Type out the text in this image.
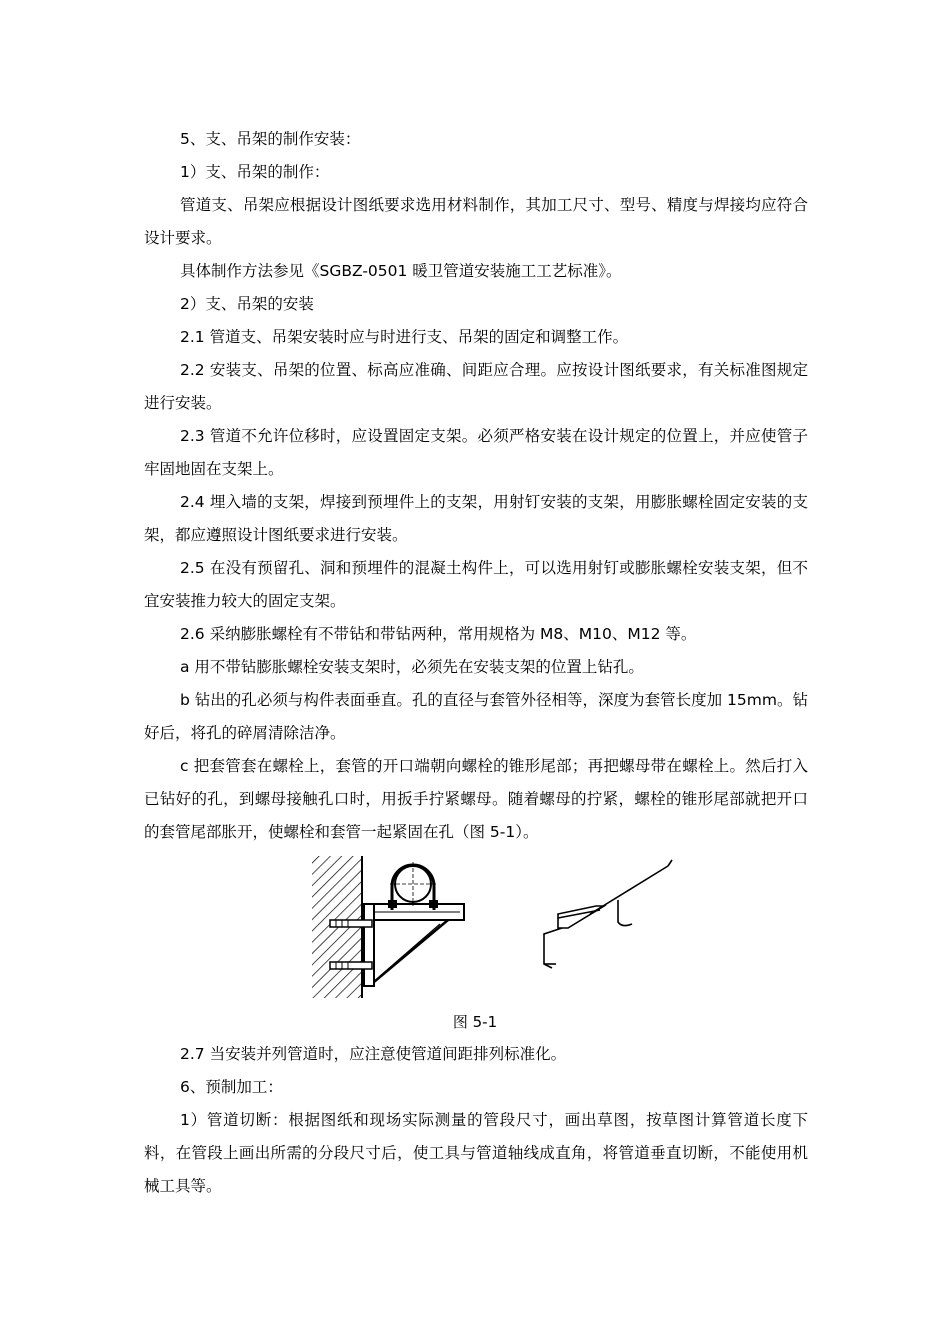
5、支、吊架的制作安装：

1）支、吊架的制作：

管道支、吊架应根据设计图纸要求选用材料制作，其加工尺寸、型号、精度与焊接均应符合设计要求。

具体制作方法参见《SGBZ-0501 暖卫管道安装施工工艺标准》。

2）支、吊架的安装

2.1 管道支、吊架安装时应与时进行支、吊架的固定和调整工作。

2.2 安装支、吊架的位置、标高应准确、间距应合理。应按设计图纸要求，有关标准图规定进行安装。

2.3 管道不允许位移时，应设置固定支架。必须严格安装在设计规定的位置上，并应使管子牢固地固在支架上。

2.4 埋入墙的支架，焊接到预埋件上的支架，用射钉安装的支架，用膨胀螺栓固定安装的支架，都应遵照设计图纸要求进行安装。

2.5 在没有预留孔、洞和预埋件的混凝土构件上，可以选用射钉或膨胀螺栓安装支架，但不宜安装推力较大的固定支架。

2.6 采纳膨胀螺栓有不带钻和带钻两种，常用规格为 M8、M10、M12 等。

a 用不带钻膨胀螺栓安装支架时，必须先在安装支架的位置上钻孔。

b 钻出的孔必须与构件表面垂直。孔的直径与套管外径相等，深度为套管长度加 15mm。钻好后，将孔的碎屑清除洁净。

c 把套管套在螺栓上，套管的开口端朝向螺栓的锥形尾部；再把螺母带在螺栓上。然后打入已钻好的孔，到螺母接触孔口时，用扳手拧紧螺母。随着螺母的拧紧，螺栓的锥形尾部就把开口的套管尾部胀开，使螺栓和套管一起紧固在孔（图 5-1）。

图 5-1

2.7 当安装并列管道时，应注意使管道间距排列标准化。

6、预制加工：

1）管道切断：根据图纸和现场实际测量的管段尺寸，画出草图，按草图计算管道长度下料，在管段上画出所需的分段尺寸后，使工具与管道轴线成直角，将管道垂直切断，不能使用机械工具等。
